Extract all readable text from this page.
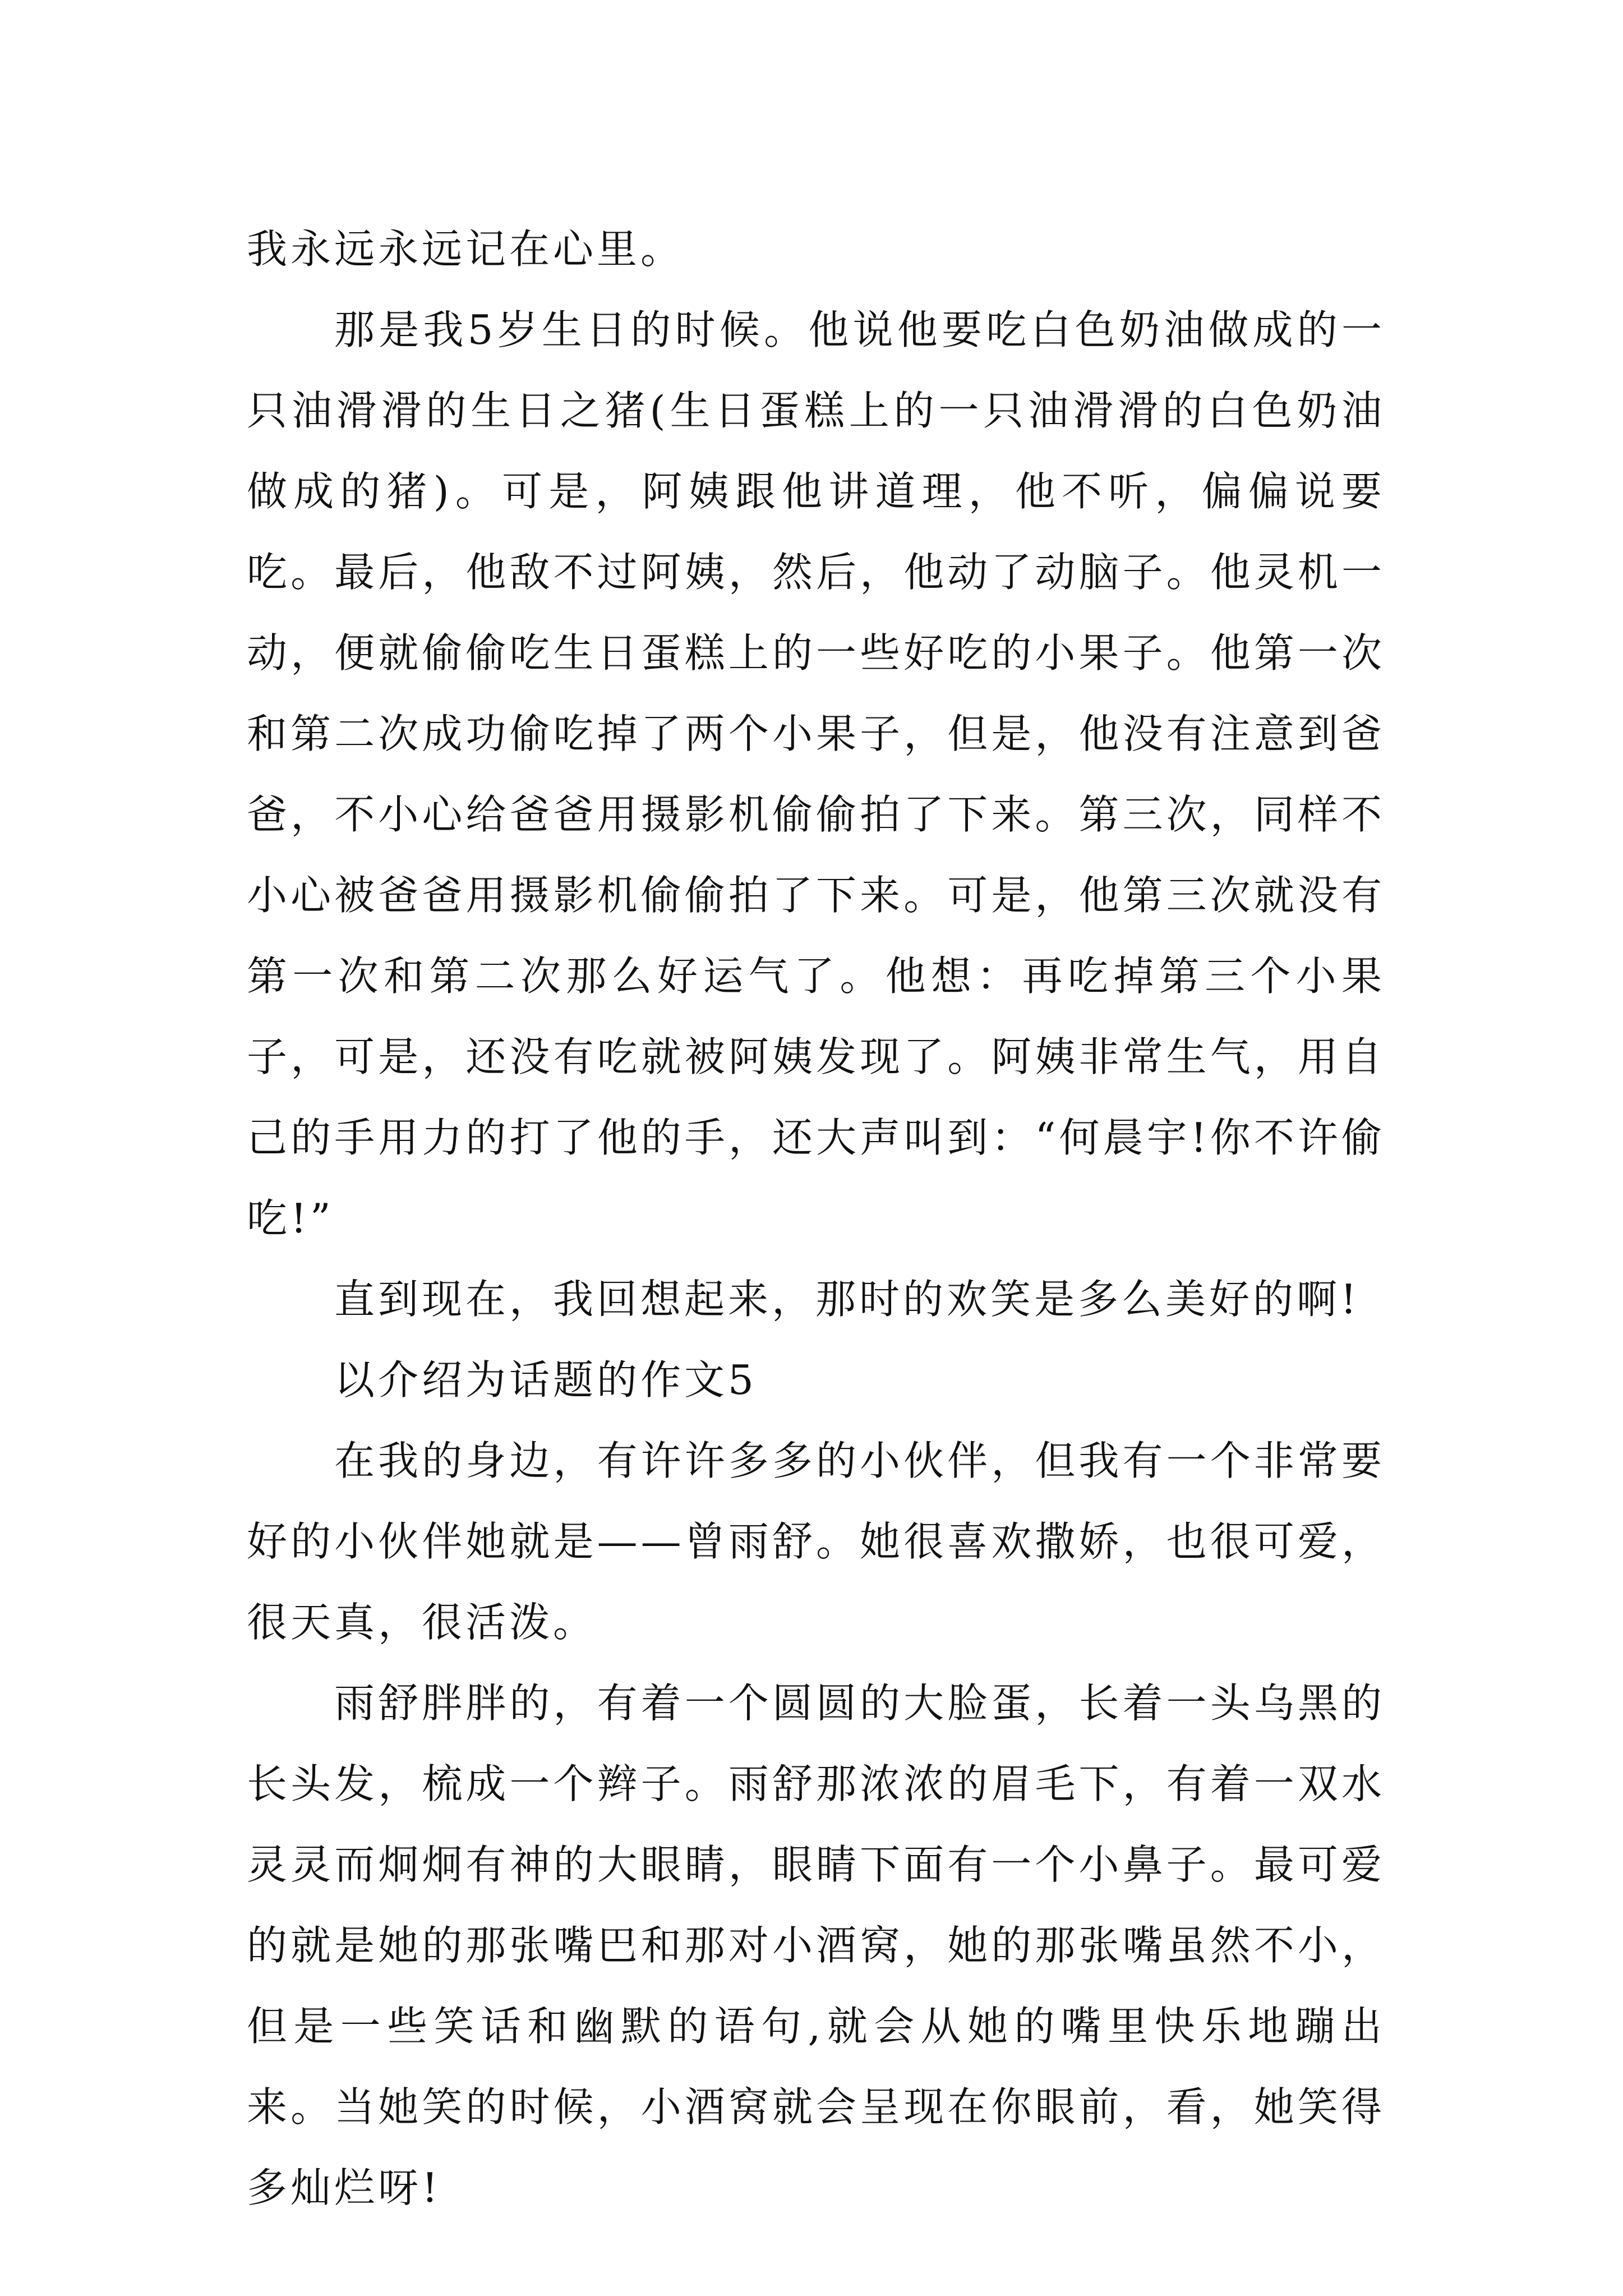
我永远永远记在心里。

那是我5岁生日的时候。他说他要吃白色奶油做成的一只油滑滑的生日之猪(生日蛋糕上的一只油滑滑的白色奶油做成的猪)。可是，阿姨跟他讲道理，他不听，偏偏说要吃。最后，他敌不过阿姨，然后，他动了动脑子。他灵机一动，便就偷偷吃生日蛋糕上的一些好吃的小果子。他第一次和第二次成功偷吃掉了两个小果子，但是，他没有注意到爸爸，不小心给爸爸用摄影机偷偷拍了下来。第三次，同样不小心被爸爸用摄影机偷偷拍了下来。可是，他第三次就没有第一次和第二次那么好运气了。他想：再吃掉第三个小果子，可是，还没有吃就被阿姨发现了。阿姨非常生气，用自己的手用力的打了他的手，还大声叫到：“何晨宇!你不许偷吃!”

直到现在，我回想起来，那时的欢笑是多么美好的啊!

以介绍为话题的作文5

在我的身边，有许许多多的小伙伴，但我有一个非常要好的小伙伴她就是——曾雨舒。她很喜欢撒娇，也很可爱，很天真，很活泼。

雨舒胖胖的，有着一个圆圆的大脸蛋，长着一头乌黑的长头发，梳成一个辫子。雨舒那浓浓的眉毛下，有着一双水灵灵而炯炯有神的大眼睛，眼睛下面有一个小鼻子。最可爱的就是她的那张嘴巴和那对小酒窝，她的那张嘴虽然不小，但是一些笑话和幽默的语句,就会从她的嘴里快乐地蹦出来。当她笑的时候，小酒窝就会呈现在你眼前，看，她笑得多灿烂呀!
